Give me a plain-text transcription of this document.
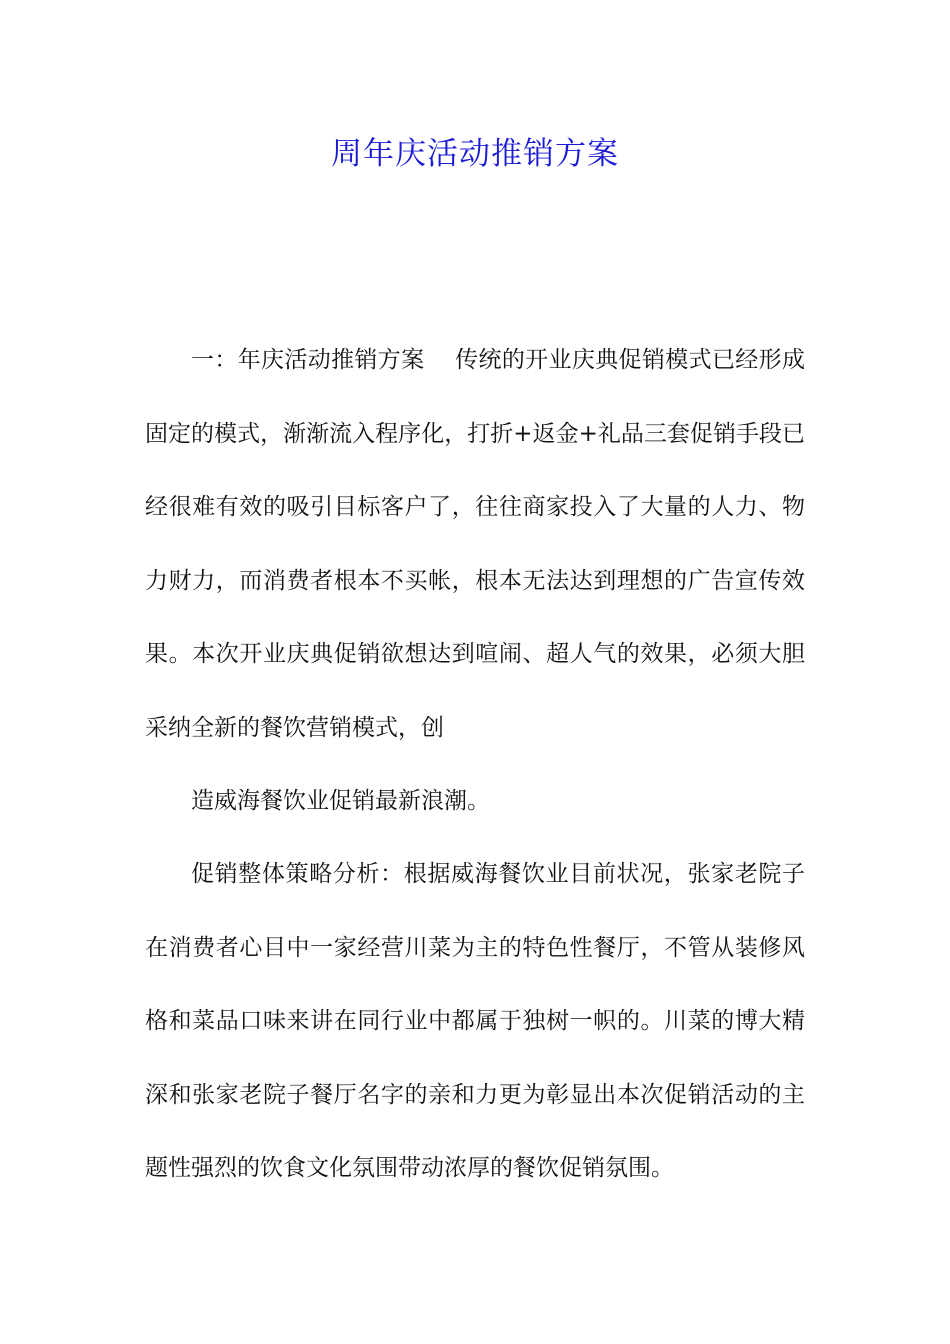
周年庆活动推销方案

一：年庆活动推销方案 传统的开业庆典促销模式已经形成固定的模式，渐渐流入程序化，打折+返金+礼品三套促销手段已经很难有效的吸引目标客户了，往往商家投入了大量的人力、物力财力，而消费者根本不买帐，根本无法达到理想的广告宣传效果。本次开业庆典促销欲想达到喧闹、超人气的效果，必须大胆采纳全新的餐饮营销模式，创

造威海餐饮业促销最新浪潮。

促销整体策略分析：根据威海餐饮业目前状况，张家老院子在消费者心目中一家经营川菜为主的特色性餐厅，不管从装修风格和菜品口味来讲在同行业中都属于独树一帜的。川菜的博大精深和张家老院子餐厅名字的亲和力更为彰显出本次促销活动的主题性强烈的饮食文化氛围带动浓厚的餐饮促销氛围。
